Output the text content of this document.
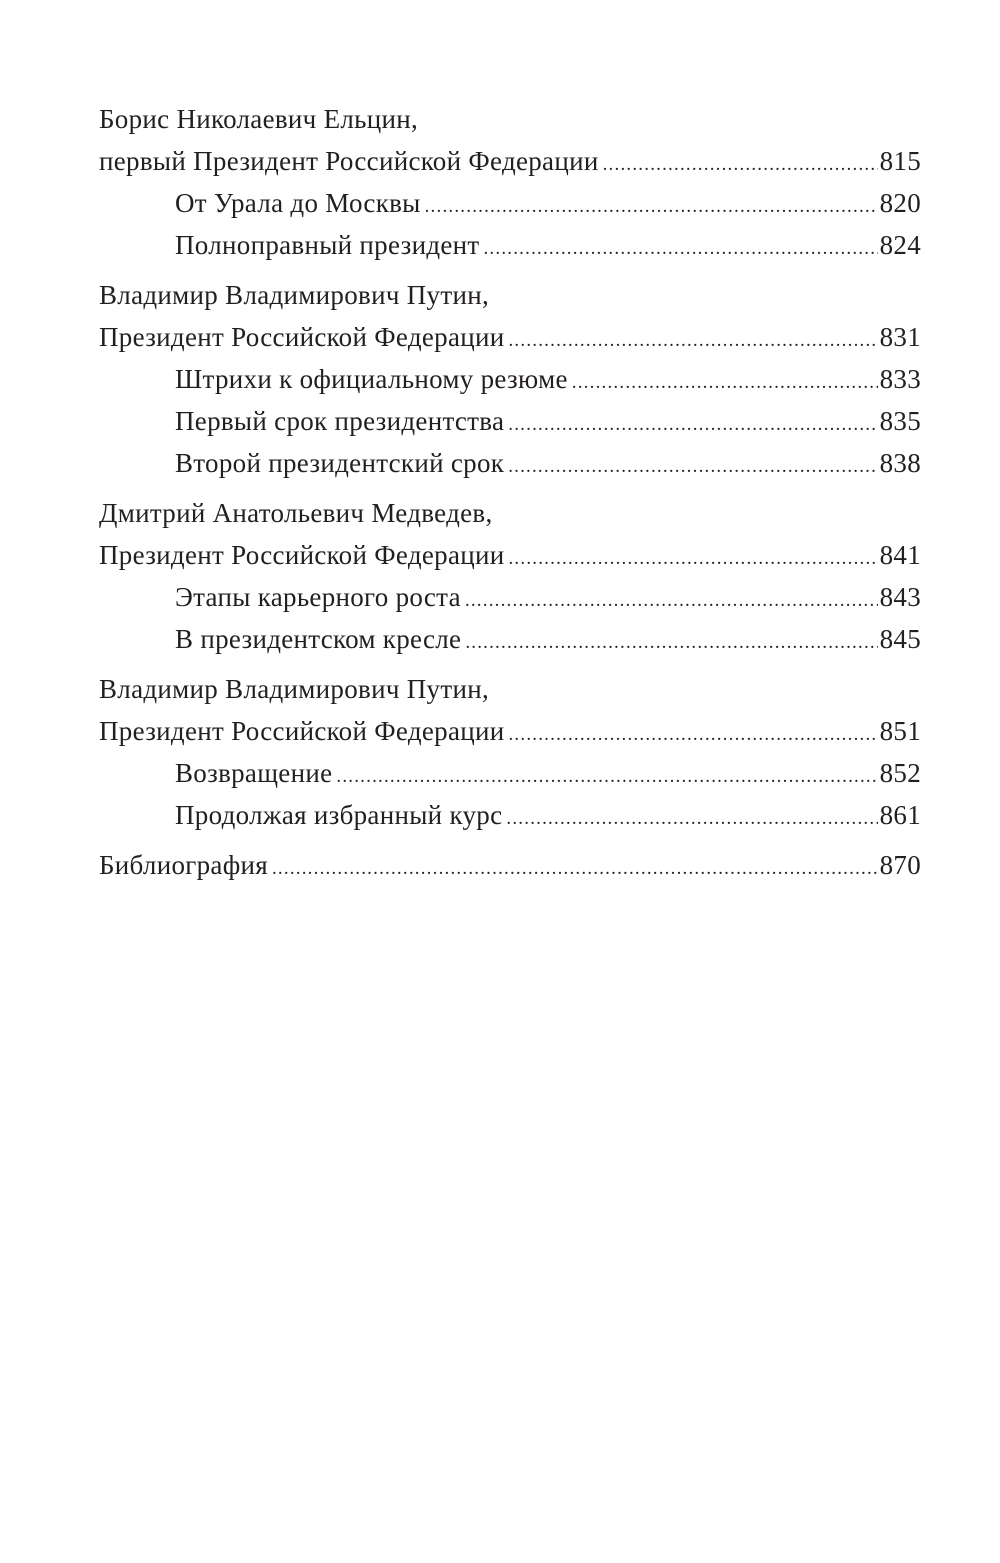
Борис Николаевич Ельцин,
первый Президент Российской Федерации .....	815
От Урала до Москвы .....	820
Полноправный президент .....	824
Владимир Владимирович Путин,
Президент Российской Федерации .....	831
Штрихи к официальному резюме .....	833
Первый срок президентства .....	835
Второй президентский срок .....	838
Дмитрий Анатольевич Медведев,
Президент Российской Федерации .....	841
Этапы карьерного роста .....	843
В президентском кресле .....	845
Владимир Владимирович Путин,
Президент Российской Федерации .....	851
Возвращение .....	852
Продолжая избранный курс .....	861
Библиография .....	870
